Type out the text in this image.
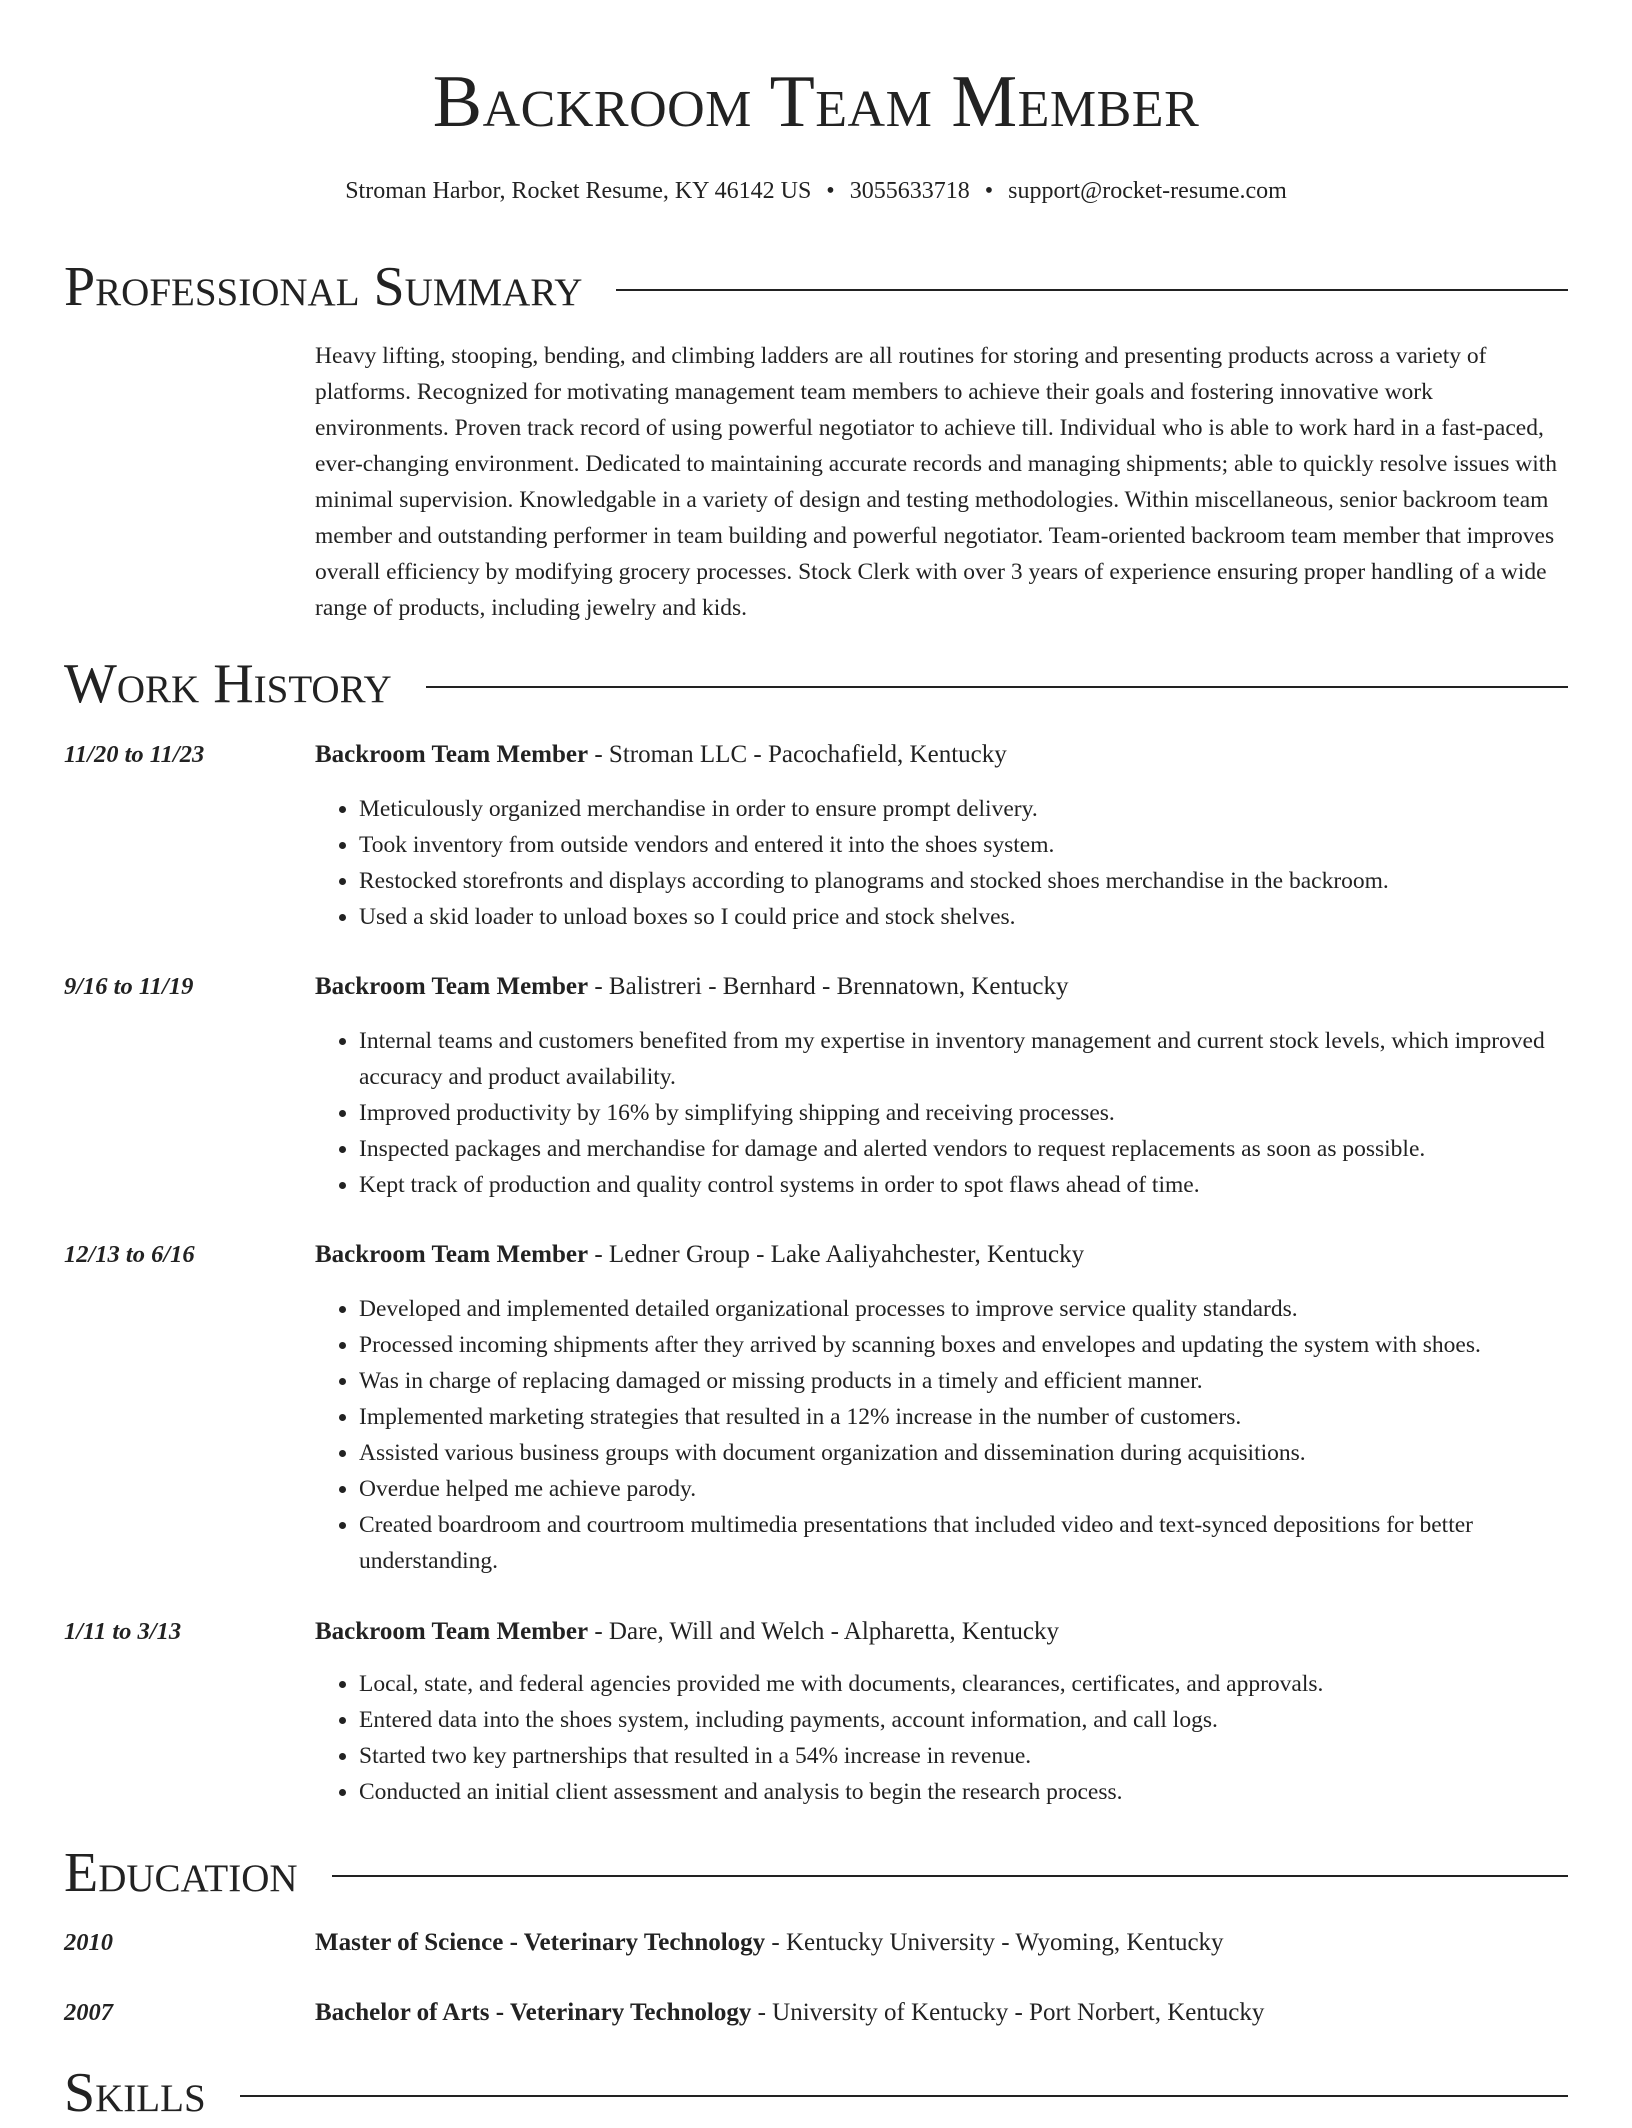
Backroom Team Member
Stroman Harbor, Rocket Resume, KY 46142 US • 3055633718 • support@rocket-resume.com
Professional Summary
Heavy lifting, stooping, bending, and climbing ladders are all routines for storing and presenting products across a variety of platforms. Recognized for motivating management team members to achieve their goals and fostering innovative work environments. Proven track record of using powerful negotiator to achieve till. Individual who is able to work hard in a fast-paced, ever-changing environment. Dedicated to maintaining accurate records and managing shipments; able to quickly resolve issues with minimal supervision. Knowledgable in a variety of design and testing methodologies. Within miscellaneous, senior backroom team member and outstanding performer in team building and powerful negotiator. Team-oriented backroom team member that improves overall efficiency by modifying grocery processes. Stock Clerk with over 3 years of experience ensuring proper handling of a wide range of products, including jewelry and kids.
Work History
11/20 to 11/23	Backroom Team Member - Stroman LLC - Pacochafield, Kentucky
• Meticulously organized merchandise in order to ensure prompt delivery.
• Took inventory from outside vendors and entered it into the shoes system.
• Restocked storefronts and displays according to planograms and stocked shoes merchandise in the backroom.
• Used a skid loader to unload boxes so I could price and stock shelves.
9/16 to 11/19	Backroom Team Member - Balistreri - Bernhard - Brennatown, Kentucky
• Internal teams and customers benefited from my expertise in inventory management and current stock levels, which improved accuracy and product availability.
• Improved productivity by 16% by simplifying shipping and receiving processes.
• Inspected packages and merchandise for damage and alerted vendors to request replacements as soon as possible.
• Kept track of production and quality control systems in order to spot flaws ahead of time.
12/13 to 6/16	Backroom Team Member - Ledner Group - Lake Aaliyahchester, Kentucky
• Developed and implemented detailed organizational processes to improve service quality standards.
• Processed incoming shipments after they arrived by scanning boxes and envelopes and updating the system with shoes.
• Was in charge of replacing damaged or missing products in a timely and efficient manner.
• Implemented marketing strategies that resulted in a 12% increase in the number of customers.
• Assisted various business groups with document organization and dissemination during acquisitions.
• Overdue helped me achieve parody.
• Created boardroom and courtroom multimedia presentations that included video and text-synced depositions for better understanding.
1/11 to 3/13	Backroom Team Member - Dare, Will and Welch - Alpharetta, Kentucky
• Local, state, and federal agencies provided me with documents, clearances, certificates, and approvals.
• Entered data into the shoes system, including payments, account information, and call logs.
• Started two key partnerships that resulted in a 54% increase in revenue.
• Conducted an initial client assessment and analysis to begin the research process.
Education
2010	Master of Science - Veterinary Technology - Kentucky University - Wyoming, Kentucky
2007	Bachelor of Arts - Veterinary Technology - University of Kentucky - Port Norbert, Kentucky
Skills
